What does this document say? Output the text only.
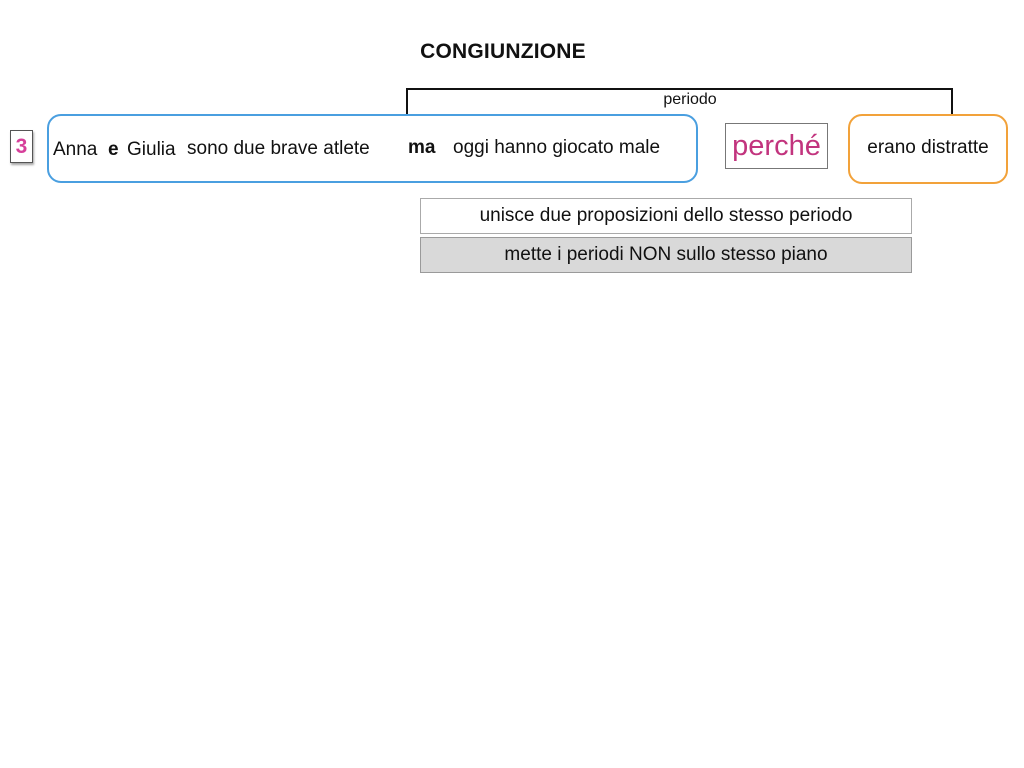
CONGIUNZIONE
periodo
3 Anna e Giulia sono due brave atlete ma oggi hanno giocato male perché	erano distratte
unisce due proposizioni dello stesso periodo
mette i periodi NON sullo stesso piano
